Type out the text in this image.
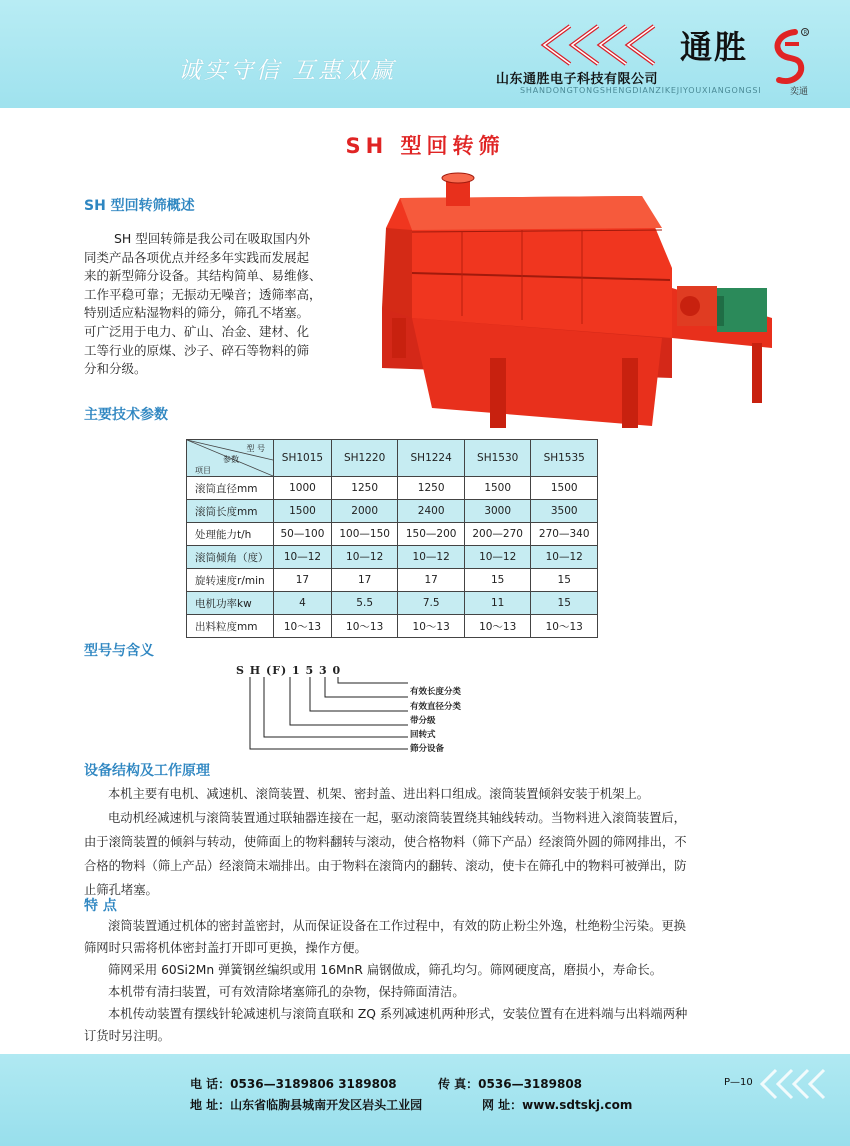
诚实守信 互惠双赢
通胜
山东通胜电子科技有限公司
SHANDONGTONGSHENGDIANZIKEJIYOUXIANGONGSI
R
奕通
SH 型回转筛
SH 型回转筛概述
SH 型回转筛是我公司在吸取国内外
同类产品各项优点并经多年实践而发展起
来的新型筛分设备。其结构简单、易维修、
工作平稳可靠；无振动无噪音；透筛率高，
特别适应粘湿物料的筛分，筛孔不堵塞。
可广泛用于电力、矿山、冶金、建材、化
工等行业的原煤、沙子、碎石等物料的筛
分和分级。
主要技术参数
型 号
参数
项目	SH1015	SH1220	SH1224	SH1530	SH1535
滚筒直径mm	1000	1250	1250	1500	1500
滚筒长度mm	1500	2000	2400	3000	3500
处理能力t/h	50—100	100—150	150—200	200—270	270—340
滚筒倾角（度）	10—12	10—12	10—12	10—12	10—12
旋转速度r/min	17	17	17	15	15
电机功率kw	4	5.5	7.5	11	15
出料粒度mm	10～13	10～13	10～13	10～13	10～13
型号与含义
S H (F) 1 5 3 0
有效长度分类
有效直径分类
带分级
回转式
筛分设备
设备结构及工作原理
本机主要有电机、减速机、滚筒装置、机架、密封盖、进出料口组成。滚筒装置倾斜安装于机架上。
电动机经减速机与滚筒装置通过联轴器连接在一起，驱动滚筒装置绕其轴线转动。当物料进入滚筒装置后，
由于滚筒装置的倾斜与转动，使筛面上的物料翻转与滚动，使合格物料（筛下产品）经滚筒外圆的筛网排出，不
合格的物料（筛上产品）经滚筒末端排出。由于物料在滚筒内的翻转、滚动，使卡在筛孔中的物料可被弹出，防
止筛孔堵塞。
特 点
滚筒装置通过机体的密封盖密封，从而保证设备在工作过程中，有效的防止粉尘外逸，杜绝粉尘污染。更换
筛网时只需将机体密封盖打开即可更换，操作方便。
筛网采用 60Si2Mn 弹簧钢丝编织或用 16MnR 扁钢做成，筛孔均匀。筛网硬度高，磨损小，寿命长。
本机带有清扫装置，可有效清除堵塞筛孔的杂物，保持筛面清洁。
本机传动装置有摆线针轮减速机与滚筒直联和 ZQ 系列减速机两种形式，安装位置有在进料端与出料端两种
订货时另注明。
电 话：0536—3189806 3189808	传 真：0536—3189808
地 址：山东省临朐县城南开发区岩头工业园	网 址：www.sdtskj.com
P—10
